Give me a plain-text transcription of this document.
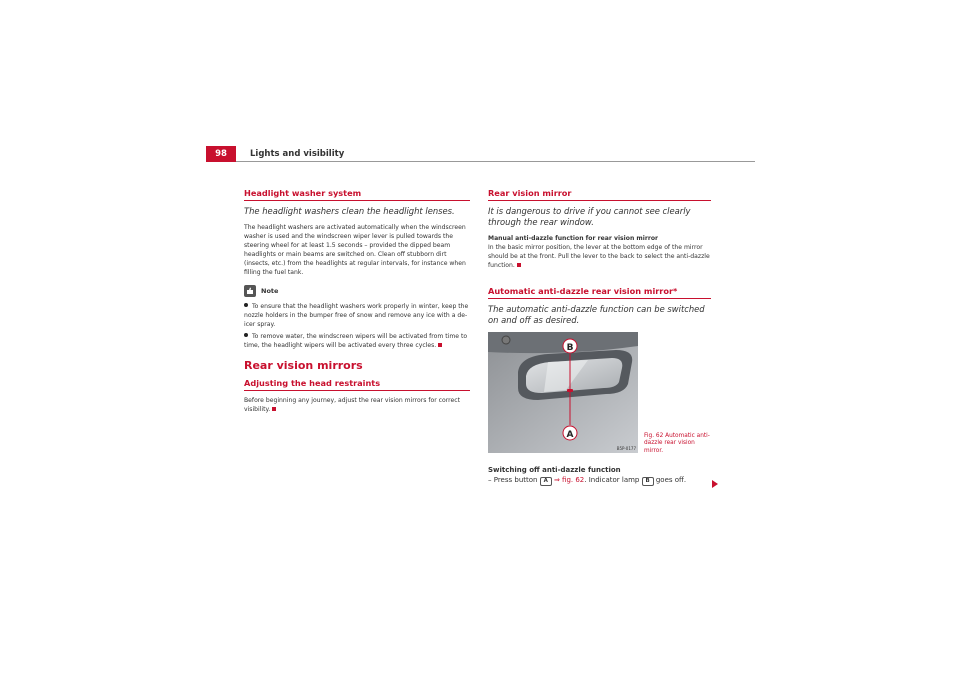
98	Lights and visibility
Headlight washer system
The headlight washers clean the headlight lenses.

The headlight washers are activated automatically when the windscreen washer is used and the windscreen wiper lever is pulled towards the steering wheel for at least 1.5 seconds – provided the dipped beam headlights or main beams are switched on. Clean off stubborn dirt (insects, etc.) from the headlights at regular intervals, for instance when filling the fuel tank.

Note
To ensure that the headlight washers work properly in winter, keep the nozzle holders in the bumper free of snow and remove any ice with a de-icer spray.
To remove water, the windscreen wipers will be activated from time to time, the headlight wipers will be activated every three cycles.
Rear vision mirrors
Adjusting the head restraints

Before beginning any journey, adjust the rear vision mirrors for correct visibility.

Rear vision mirror
It is dangerous to drive if you cannot see clearly through the rear window.
Manual anti-dazzle function for rear vision mirror

In the basic mirror position, the lever at the bottom edge of the mirror should be at the front. Pull the lever to the back to select the anti-dazzle function.

Automatic anti-dazzle rear vision mirror*
The automatic anti-dazzle function can be switched on and off as desired.
B
A
B5P-0177
Fig. 62 Automatic anti-
dazzle rear vision mirror.
Switching off anti-dazzle function
– Press button A ⇒ fig. 62. Indicator lamp B goes off.
